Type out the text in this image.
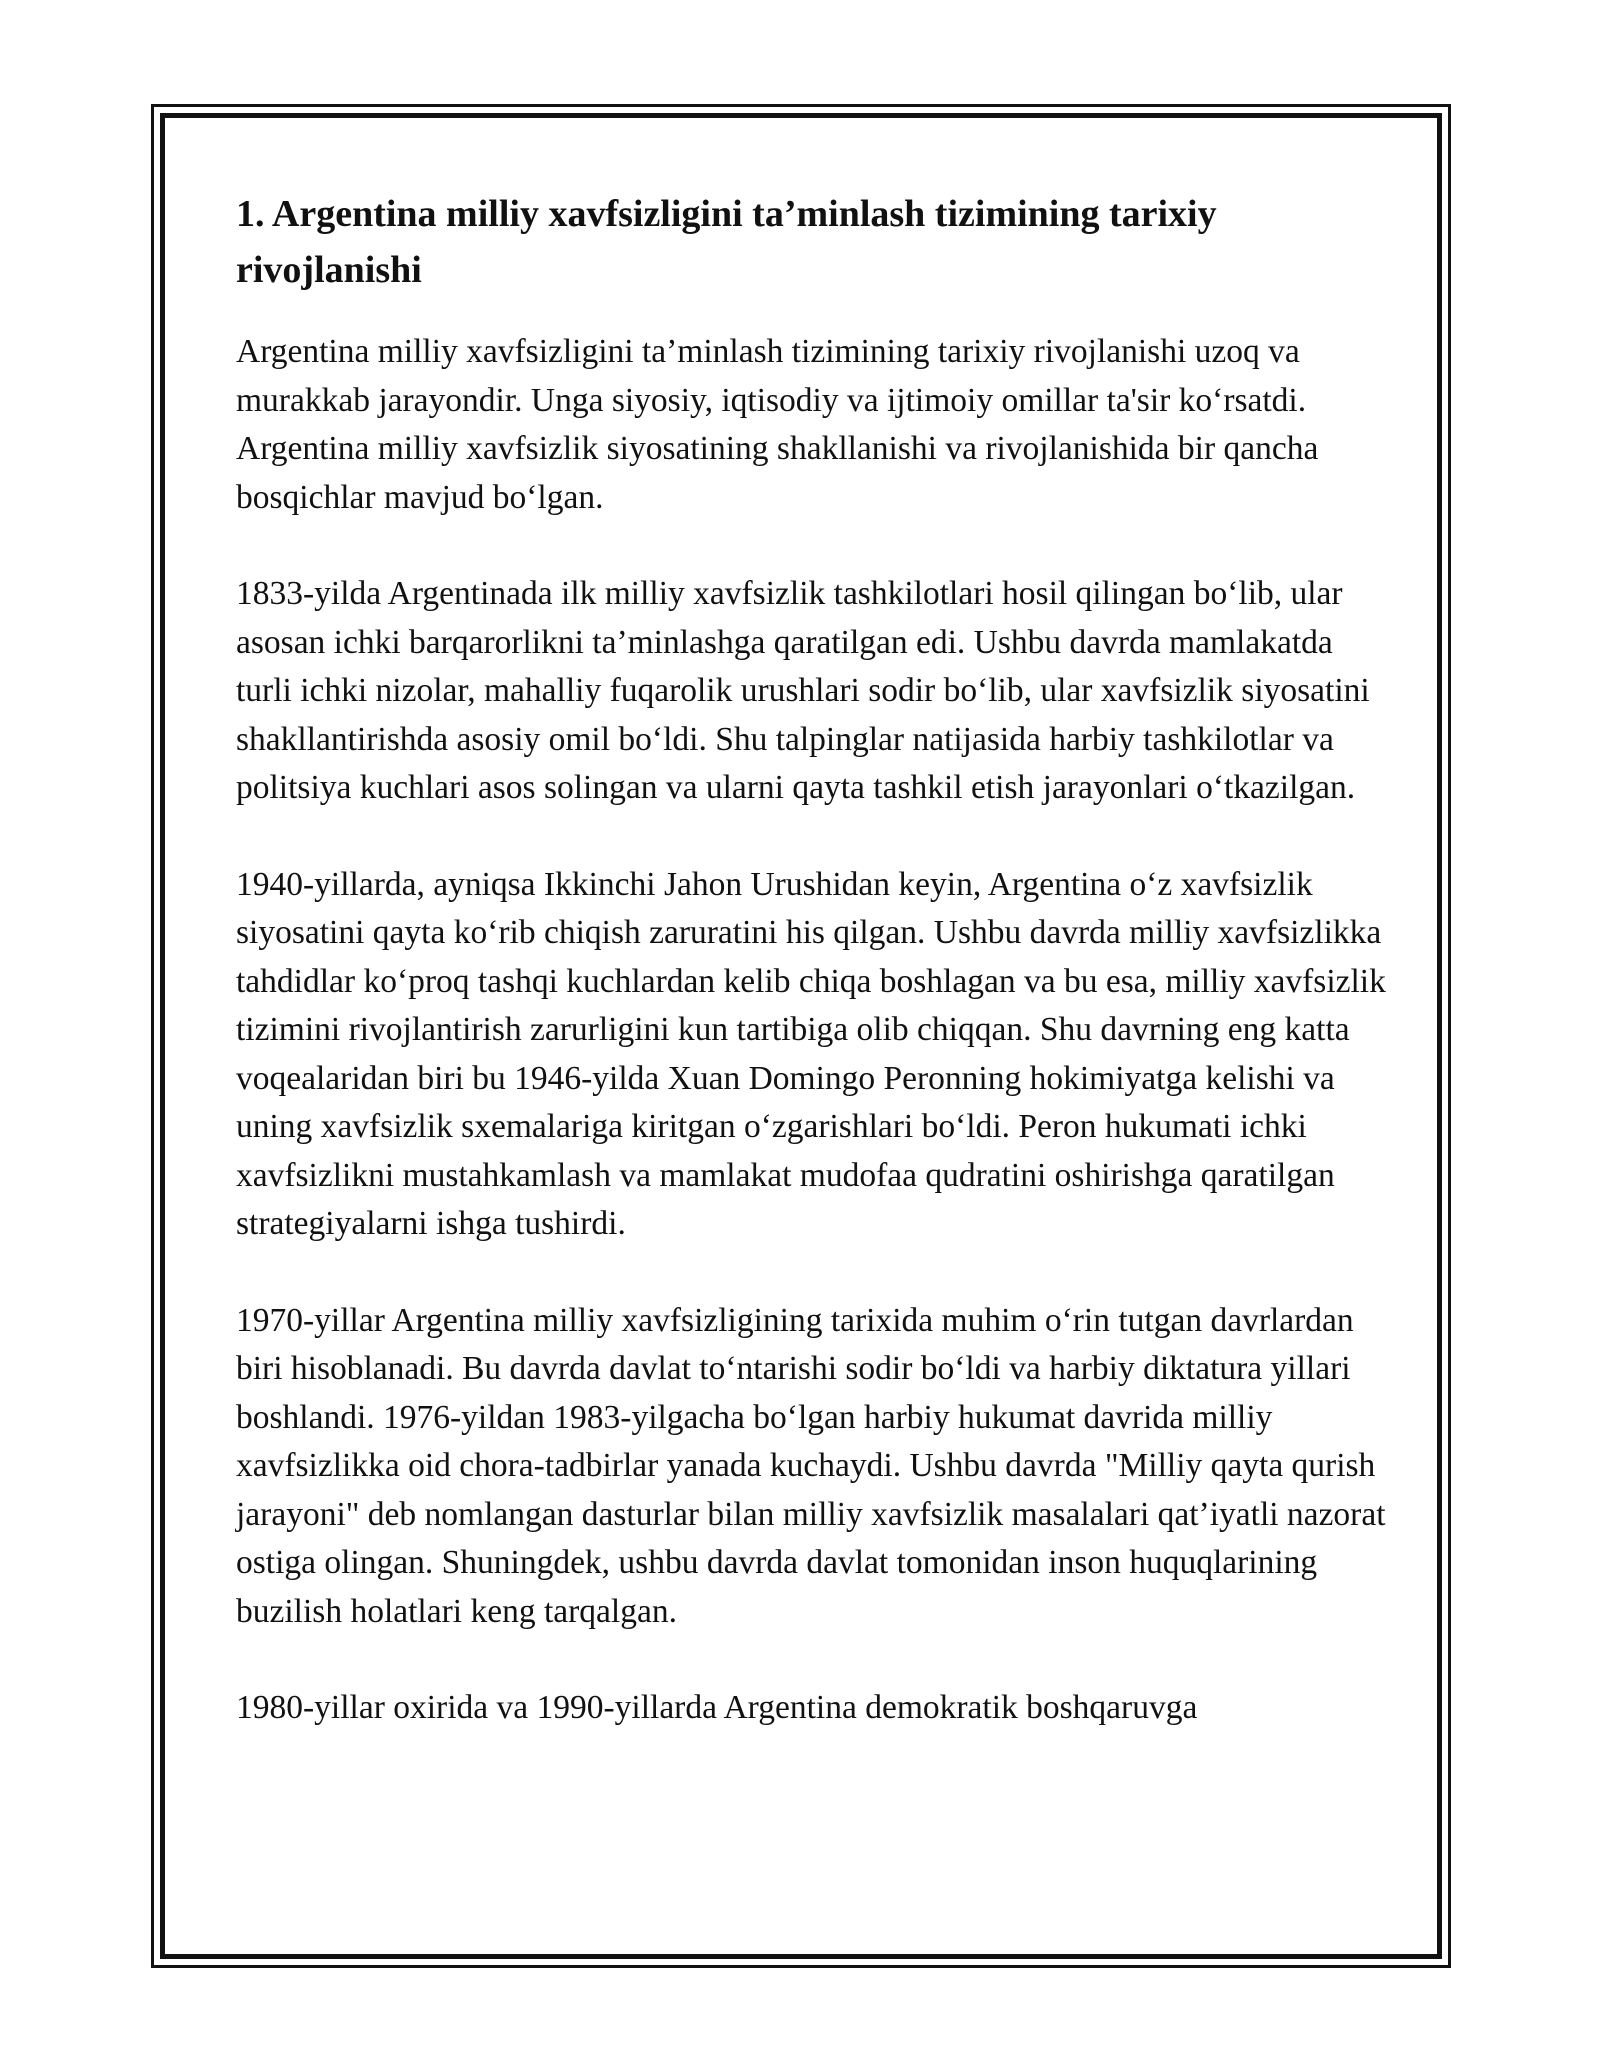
1. Argentina milliy xavfsizligini ta’minlash tizimining tarixiy rivojlanishi

Argentina milliy xavfsizligini ta’minlash tizimining tarixiy rivojlanishi uzoq va murakkab jarayondir. Unga siyosiy, iqtisodiy va ijtimoiy omillar ta'sir koʻrsatdi. Argentina milliy xavfsizlik siyosatining shakllanishi va rivojlanishida bir qancha bosqichlar mavjud boʻlgan.

1833-yilda Argentinada ilk milliy xavfsizlik tashkilotlari hosil qilingan boʻlib, ular asosan ichki barqarorlikni ta’minlashga qaratilgan edi. Ushbu davrda mamlakatda turli ichki nizolar, mahalliy fuqarolik urushlari sodir boʻlib, ular xavfsizlik siyosatini shakllantirishda asosiy omil boʻldi. Shu talpinglar natijasida harbiy tashkilotlar va politsiya kuchlari asos solingan va ularni qayta tashkil etish jarayonlari oʻtkazilgan.

1940-yillarda, ayniqsa Ikkinchi Jahon Urushidan keyin, Argentina oʻz xavfsizlik siyosatini qayta koʻrib chiqish zaruratini his qilgan. Ushbu davrda milliy xavfsizlikka tahdidlar koʻproq tashqi kuchlardan kelib chiqa boshlagan va bu esa, milliy xavfsizlik tizimini rivojlantirish zarurligini kun tartibiga olib chiqqan. Shu davrning eng katta voqealaridan biri bu 1946-yilda Xuan Domingo Peronning hokimiyatga kelishi va uning xavfsizlik sxemalariga kiritgan oʻzgarishlari boʻldi. Peron hukumati ichki xavfsizlikni mustahkamlash va mamlakat mudofaa qudratini oshirishga qaratilgan strategiyalarni ishga tushirdi.

1970-yillar Argentina milliy xavfsizligining tarixida muhim oʻrin tutgan davrlardan biri hisoblanadi. Bu davrda davlat toʻntarishi sodir boʻldi va harbiy diktatura yillari boshlandi. 1976-yildan 1983-yilgacha boʻlgan harbiy hukumat davrida milliy xavfsizlikka oid chora-tadbirlar yanada kuchaydi. Ushbu davrda "Milliy qayta qurish jarayoni" deb nomlangan dasturlar bilan milliy xavfsizlik masalalari qat’iyatli nazorat ostiga olingan. Shuningdek, ushbu davrda davlat tomonidan inson huquqlarining buzilish holatlari keng tarqalgan.

1980-yillar oxirida va 1990-yillarda Argentina demokratik boshqaruvga
